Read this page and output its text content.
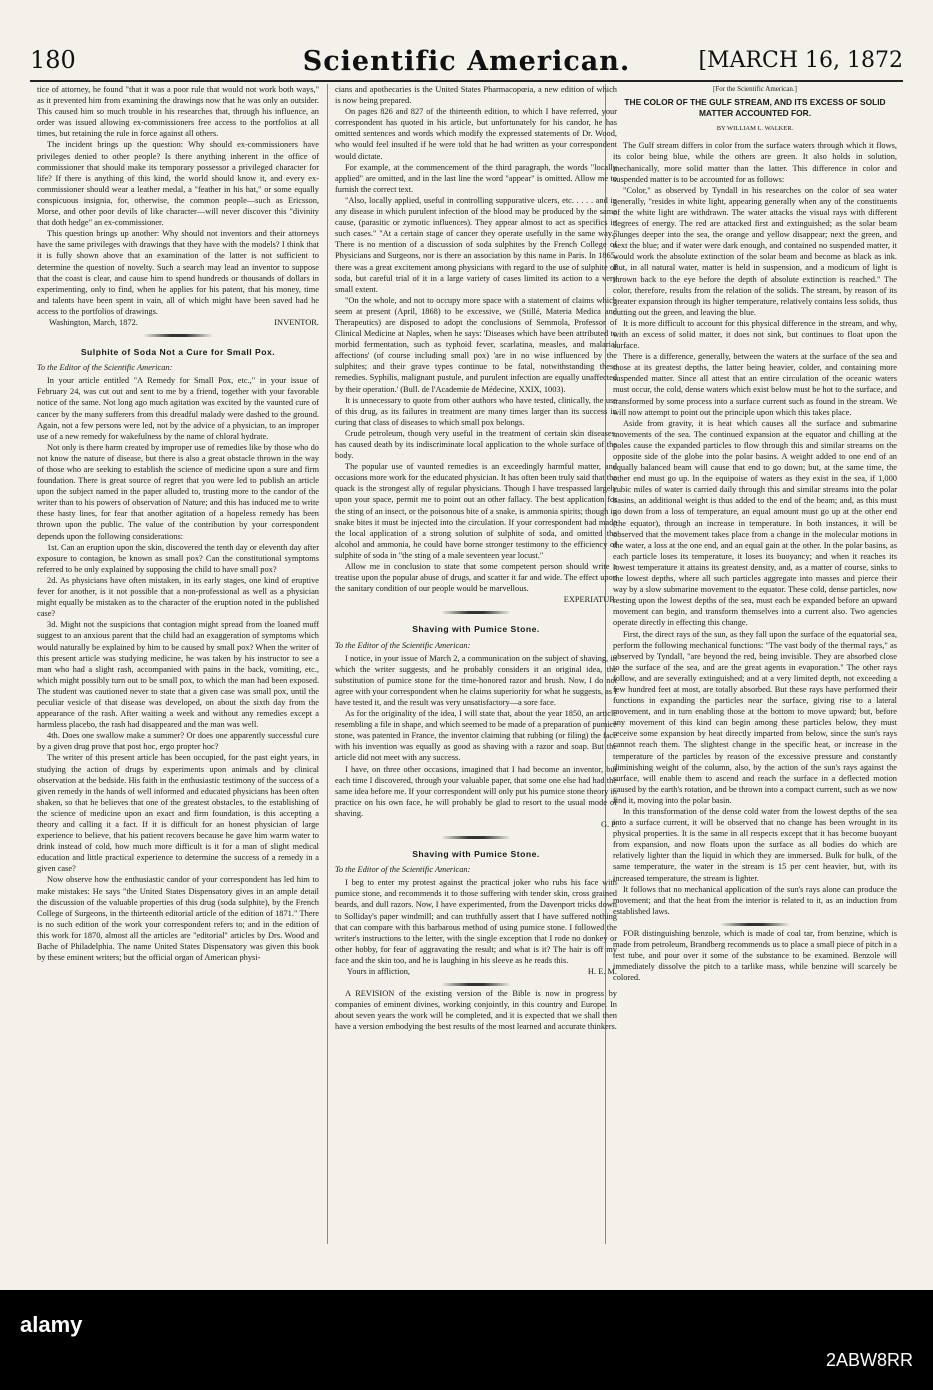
180	Scientific American.	[MARCH 16, 1872

tice of attorney, he found "that it was a poor rule that would not work both ways," as it prevented him from examining the drawings now that he was only an outsider. This caused him so much trouble in his researches that, through his influence, an order was issued allowing ex-commissioners free access to the portfolios at all times, but retaining the rule in force against all others.

The incident brings up the question: Why should ex-commissioners have privileges denied to other people? Is there anything inherent in the office of commissioner that should make its temporary possessor a privileged character for life? If there is anything of this kind, the world should know it, and every ex-commissioner should wear a leather medal, a "feather in his hat," or some equally conspicuous insignia, for, otherwise, the common people—such as Ericsson, Morse, and other poor devils of like character—will never discover this "divinity that doth hedge" an ex-commissioner.

This question brings up another: Why should not inventors and their attorneys have the same privileges with drawings that they have with the models? I think that it is fully shown above that an examination of the latter is not sufficient to determine the question of novelty. Such a search may lead an inventor to suppose that the coast is clear, and cause him to spend hundreds or thousands of dollars in experimenting, only to find, when he applies for his patent, that his money, time and talents have been spent in vain, all of which might have been saved had he access to the portfolios of drawings.

Washington, March, 1872.	INVENTOR.

Sulphite of Soda Not a Cure for Small Pox.

To the Editor of the Scientific American:

In your article entitled "A Remedy for Small Pox, etc.," in your issue of February 24, was cut out and sent to me by a friend, together with your favorable notice of the same. Not long ago much agitation was excited by the vaunted cure of cancer by the many sufferers from this dreadful malady were dashed to the ground. Again, not a few persons were led, not by the advice of a physician, to an improper use of a new remedy for wakefulness by the name of chloral hydrate.

Not only is there harm created by improper use of remedies like by those who do not know the nature of disease, but there is also a great obstacle thrown in the way of those who are seeking to establish the science of medicine upon a sure and firm foundation. There is great source of regret that you were led to publish an article upon the subject named in the paper alluded to, trusting more to the candor of the writer than to his powers of observation of Nature; and this has induced me to write these hasty lines, for fear that another agitation of a hopeless remedy has been thrown upon the public. The value of the contribution by your correspondent depends upon the following considerations:

1st. Can an eruption upon the skin, discovered the tenth day or eleventh day after exposure to contagion, be known as small pox? Can the constitutional symptoms referred to be only explained by supposing the child to have small pox?

2d. As physicians have often mistaken, in its early stages, one kind of eruptive fever for another, is it not possible that a non-professional as well as a physician might equally be mistaken as to the character of the eruption noted in the published case?

3d. Might not the suspicions that contagion might spread from the loaned muff suggest to an anxious parent that the child had an exaggeration of symptoms which would naturally be explained by him to be caused by small pox? When the writer of this present article was studying medicine, he was taken by his instructor to see a man who had a slight rash, accompanied with pains in the back, vomiting, etc., which might possibly turn out to be small pox, to which the man had been exposed. The student was cautioned never to state that a given case was small pox, until the peculiar vesicle of that disease was developed, on about the sixth day from the appearance of the rash. After waiting a week and without any remedies except a harmless placebo, the rash had disappeared and the man was well.

4th. Does one swallow make a summer? Or does one apparently successful cure by a given drug prove that post hoc, ergo propter hoc?

The writer of this present article has been occupied, for the past eight years, in studying the action of drugs by experiments upon animals and by clinical observation at the bedside. His faith in the enthusiastic testimony of the success of a given remedy in the hands of well informed and educated physicians has been often shaken, so that he believes that one of the greatest obstacles, to the establishing of the science of medicine upon an exact and firm foundation, is this accepting a theory and calling it a fact. If it is difficult for an honest physician of large experience to believe, that his patient recovers because he gave him warm water to drink instead of cold, how much more difficult is it for a man of slight medical education and little practical experience to determine the success of a remedy in a given case?

Now observe how the enthusiastic candor of your correspondent has led him to make mistakes: He says "the United States Dispensatory gives in an ample detail the discussion of the valuable properties of this drug (soda sulphite), by the French College of Surgeons, in the thirteenth editorial article of the edition of 1871." There is no such edition of the work your correspondent refers to; and in the edition of this work for 1870, almost all the articles are "editorial" articles by Drs. Wood and Bache of Philadelphia. The name United States Dispensatory was given this book by these eminent writers; but the official organ of American physi-

cians and apothecaries is the United States Pharmacopœia, a new edition of which is now being prepared.

On pages 826 and 827 of the thirteenth edition, to which I have referred, your correspondent has quoted in his article, but unfortunately for his candor, he has omitted sentences and words which modify the expressed statements of Dr. Wood, who would feel insulted if he were told that he had written as your correspondent would dictate.

For example, at the commencement of the third paragraph, the words "locally applied" are omitted, and in the last line the word "appear" is omitted. Allow me to furnish the correct text.

"Also, locally applied, useful in controlling suppurative ulcers, etc. . . . . and in any disease in which purulent infection of the blood may be produced by the same cause, (parasitic or zymotic influences). They appear almost to act as specifics in such cases." "At a certain stage of cancer they operate usefully in the same way." There is no mention of a discussion of soda sulphites by the French College of Physicians and Surgeons, nor is there an association by this name in Paris. In 1865, there was a great excitement among physicians with regard to the use of sulphite of soda, but careful trial of it in a large variety of cases limited its action to a very small extent.

"On the whole, and not to occupy more space with a statement of claims which seem at present (April, 1868) to be excessive, we (Stillé, Materia Medica and Therapeutics) are disposed to adopt the conclusions of Semmola, Professor of Clinical Medicine at Naples, when he says: 'Diseases which have been attributed to morbid fermentation, such as typhoid fever, scarlatina, measles, and malarial affections' (of course including small pox) 'are in no wise influenced by the sulphites; and their grave types continue to be fatal, notwithstanding these remedies. Syphilis, malignant pustule, and purulent infection are equally unaffected by their operation.' (Bull. de l'Academie de Médecine, XXIX, 1003).

It is unnecessary to quote from other authors who have tested, clinically, the use of this drug, as its failures in treatment are many times larger than its success in curing that class of diseases to which small pox belongs.

Crude petroleum, though very useful in the treatment of certain skin diseases, has caused death by its indiscriminate local application to the whole surface of the body.

The popular use of vaunted remedies is an exceedingly harmful matter, and occasions more work for the educated physician. It has often been truly said that the quack is the strongest ally of regular physicians. Though I have trespassed largely upon your space, permit me to point out an other fallacy. The best application for the sting of an insect, or the poisonous bite of a snake, is ammonia spirits; though in snake bites it must be injected into the circulation. If your correspondent had made the local application of a strong solution of sulphite of soda, and omitted the alcohol and ammonia, he could have borne stronger testimony to the efficiency of sulphite of soda in "the sting of a male seventeen year locust."

Allow me in conclusion to state that some competent person should write a treatise upon the popular abuse of drugs, and scatter it far and wide. The effect upon the sanitary condition of our people would be marvellous.

EXPERIATUR.

Shaving with Pumice Stone.

To the Editor of the Scientific American:

I notice, in your issue of March 2, a communication on the subject of shaving, in which the writer suggests, and he probably considers it an original idea, the substitution of pumice stone for the time-honored razor and brush. Now, I do not agree with your correspondent when he claims superiority for what he suggests, as I have tested it, and the result was very unsatisfactory—a sore face.

As for the originality of the idea, I will state that, about the year 1850, an article resembling a file in shape, and which seemed to be made of a preparation of pumice stone, was patented in France, the inventor claiming that rubbing (or filing) the face with his invention was equally as good as shaving with a razor and soap. But the article did not meet with any success.

I have, on three other occasions, imagined that I had become an inventor, but each time I discovered, through your valuable paper, that some one else had had the same idea before me. If your correspondent will only put his pumice stone theory in practice on his own face, he will probably be glad to resort to the usual mode of shaving.

G. P.

Shaving with Pumice Stone.

To the Editor of the Scientific American:

I beg to enter my protest against the practical joker who rubs his face with pumice stone, and recommends it to those suffering with tender skin, cross grained beards, and dull razors. Now, I have experimented, from the Davenport tricks down to Solliday's paper windmill; and can truthfully assert that I have suffered nothing that can compare with this barbarous method of using pumice stone. I followed the writer's instructions to the letter, with the single exception that I rode no donkey or other hobby, for fear of aggravating the result; and what is it? The hair is off my face and the skin too, and he is laughing in his sleeve as he reads this.

Yours in affliction,	H. E. M.

A REVISION of the existing version of the Bible is now in progress by companies of eminent divines, working conjointly, in this country and Europe. In about seven years the work will be completed, and it is expected that we shall then have a version embodying the best results of the most learned and accurate thinkers.

[For the Scientific American.]

THE COLOR OF THE GULF STREAM, AND ITS EXCESS OF SOLID MATTER ACCOUNTED FOR.

BY WILLIAM L. WALKER.

The Gulf stream differs in color from the surface waters through which it flows, its color being blue, while the others are green. It also holds in solution, mechanically, more solid matter than the latter. This difference in color and suspended matter is to be accounted for as follows:

"Color," as observed by Tyndall in his researches on the color of sea water generally, "resides in white light, appearing generally when any of the constituents of the white light are withdrawn. The water attacks the visual rays with different degrees of energy. The red are attacked first and extinguished; as the solar beam plunges deeper into the sea, the orange and yellow disappear; next the green, and next the blue; and if water were dark enough, and contained no suspended matter, it would work the absolute extinction of the solar beam and become as black as ink. But, in all natural water, matter is held in suspension, and a modicum of light is thrown back to the eye before the depth of absolute extinction is reached." The color, therefore, results from the relation of the solids. The stream, by reason of its greater expansion through its higher temperature, relatively contains less solids, thus cutting out the green, and leaving the blue.

It is more difficult to account for this physical difference in the stream, and why, with an excess of solid matter, it does not sink, but continues to float upon the surface.

There is a difference, generally, between the waters at the surface of the sea and those at its greatest depths, the latter being heavier, colder, and containing more suspended matter. Since all attest that an entire circulation of the oceanic waters must occur, the cold, dense waters which exist below must be hot to the surface, and transformed by some process into a surface current such as found in the stream. We will now attempt to point out the principle upon which this takes place.

Aside from gravity, it is heat which causes all the surface and submarine movements of the sea. The continued expansion at the equator and chilling at the poles cause the expanded particles to flow through this and similar streams on the opposite side of the globe into the polar basins. A weight added to one end of an equally balanced beam will cause that end to go down; but, at the same time, the other end must go up. In the equipoise of waters as they exist in the sea, if 1,000 cubic miles of water is carried daily through this and similar streams into the polar basins, an additional weight is thus added to the end of the beam; and, as this must go down from a loss of temperature, an equal amount must go up at the other end (the equator), through an increase in temperature. In both instances, it will be observed that the movement takes place from a change in the molecular motions in the water, a loss at the one end, and an equal gain at the other. In the polar basins, as each particle loses its temperature, it loses its buoyancy; and when it reaches its lowest temperature it attains its greatest density, and, as a matter of course, sinks to the lowest depths, where all such particles aggregate into masses and pierce their way by a slow submarine movement to the equator. These cold, dense particles, now resting upon the lowest depths of the sea, must each be expanded before an upward movement can begin, and transform themselves into a current also. Two agencies operate directly in effecting this change.

First, the direct rays of the sun, as they fall upon the surface of the equatorial sea, perform the following mechanical functions: "The vast body of the thermal rays," as observed by Tyndall, "are beyond the red, being invisible. They are absorbed close to the surface of the sea, and are the great agents in evaporation." The other rays follow, and are severally extinguished; and at a very limited depth, not exceeding a few hundred feet at most, are totally absorbed. But these rays have performed their functions in expanding the particles near the surface, giving rise to a lateral movement, and in turn enabling those at the bottom to move upward; but, before any movement of this kind can begin among these particles below, they must receive some expansion by heat directly imparted from below, since the sun's rays cannot reach them. The slightest change in the specific heat, or increase in the temperature of the particles by reason of the excessive pressure and constantly diminishing weight of the column, also, by the action of the sun's rays against the surface, will enable them to ascend and reach the surface in a deflected motion caused by the earth's rotation, and be thrown into a compact current, such as we now find it, moving into the polar basin.

In this transformation of the dense cold water from the lowest depths of the sea into a surface current, it will be observed that no change has been wrought in its physical properties. It is the same in all respects except that it has become buoyant from expansion, and now floats upon the surface as all bodies do which are relatively lighter than the liquid in which they are immersed. Bulk for bulk, of the same temperature, the water in the stream is 15 per cent heavier, but, with its increased temperature, the stream is lighter.

It follows that no mechanical application of the sun's rays alone can produce the movement; and that the heat from the interior is related to it, as an induction from established laws.

FOR distinguishing benzole, which is made of coal tar, from benzine, which is made from petroleum, Brandberg recommends us to place a small piece of pitch in a test tube, and pour over it some of the substance to be examined. Benzole will immediately dissolve the pitch to a tarlike mass, while benzine will scarcely be colored.

alamy
2ABW8RR
